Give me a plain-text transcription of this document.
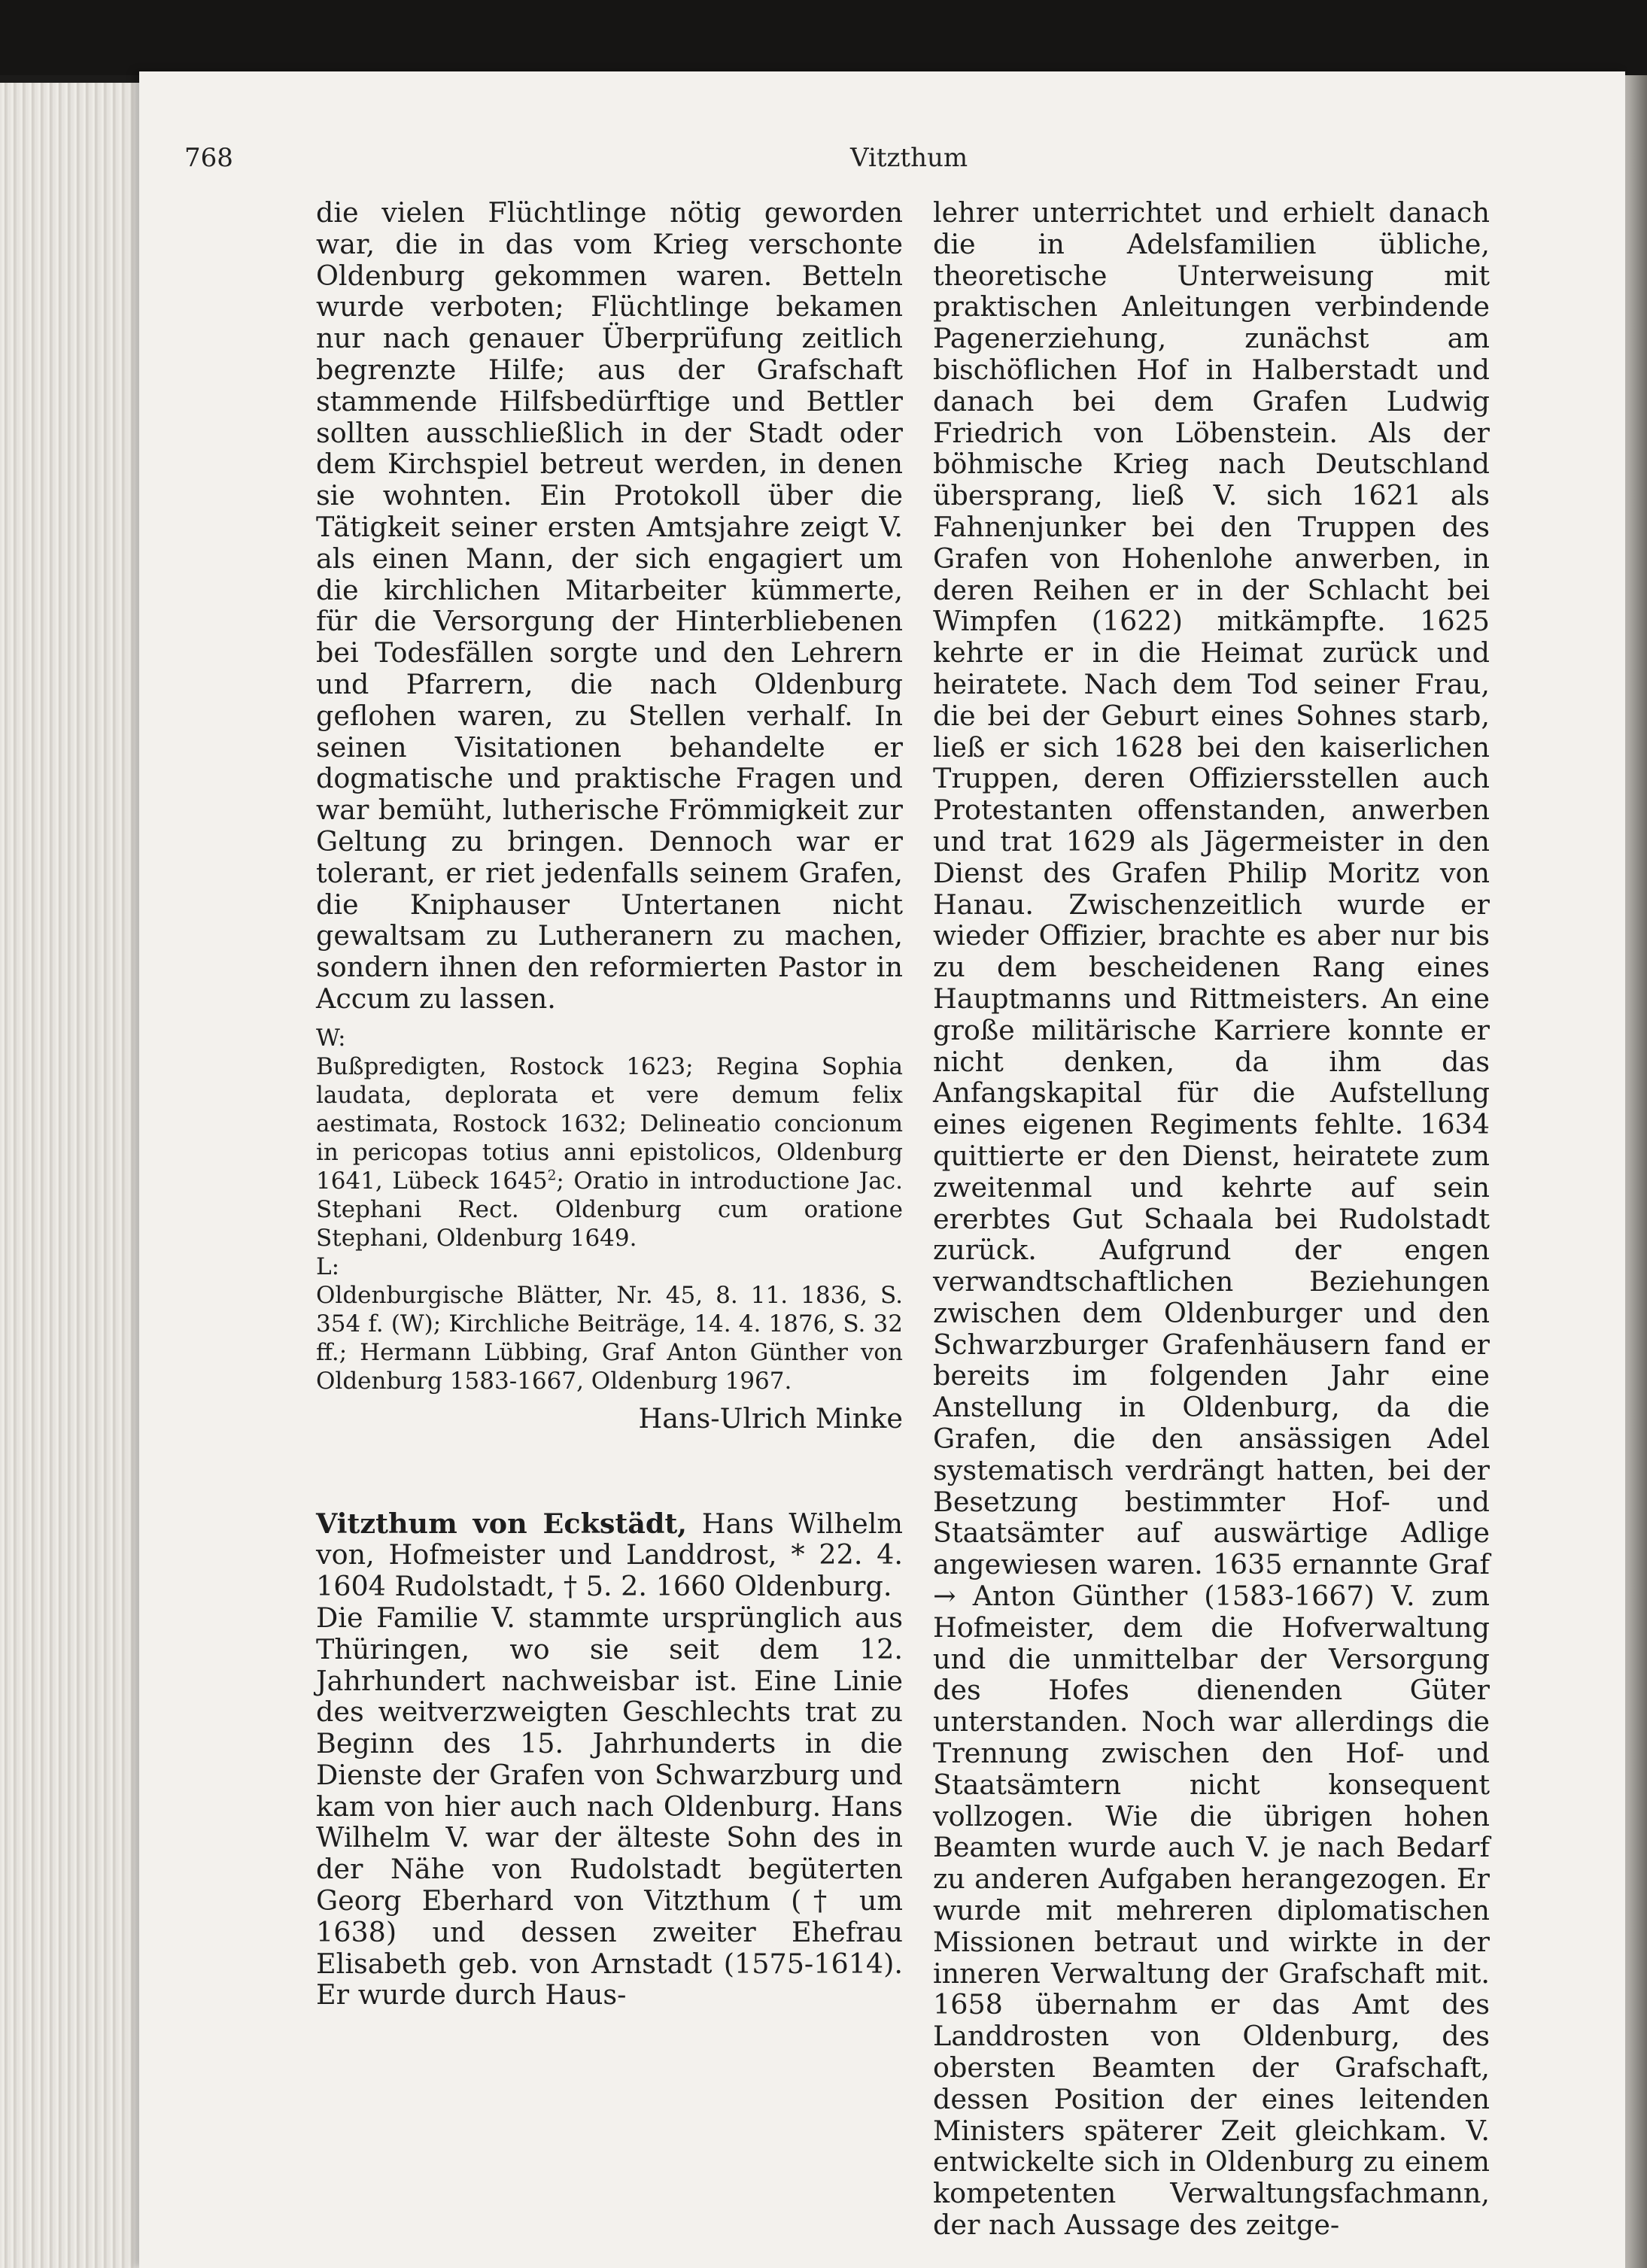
768	Vitzthum

die vielen Flüchtlinge nötig geworden war, die in das vom Krieg verschonte Oldenburg gekommen waren. Betteln wurde verboten; Flüchtlinge bekamen nur nach genauer Überprüfung zeitlich begrenzte Hilfe; aus der Grafschaft stammende Hilfsbedürftige und Bettler sollten ausschließlich in der Stadt oder dem Kirchspiel betreut werden, in denen sie wohnten. Ein Protokoll über die Tätigkeit seiner ersten Amtsjahre zeigt V. als einen Mann, der sich engagiert um die kirchlichen Mitarbeiter kümmerte, für die Versorgung der Hinterbliebenen bei Todesfällen sorgte und den Lehrern und Pfarrern, die nach Oldenburg geflohen waren, zu Stellen verhalf. In seinen Visitationen behandelte er dogmatische und praktische Fragen und war bemüht, lutherische Frömmigkeit zur Geltung zu bringen. Dennoch war er tolerant, er riet jedenfalls seinem Grafen, die Kniphauser Untertanen nicht gewaltsam zu Lutheranern zu machen, sondern ihnen den reformierten Pastor in Accum zu lassen.

W:

Bußpredigten, Rostock 1623; Regina Sophia laudata, deplorata et vere demum felix aestimata, Rostock 1632; Delineatio concionum in pericopas totius anni epistolicos, Oldenburg 1641, Lübeck 1645$^2$; Oratio in introductione Jac. Stephani Rect. Oldenburg cum oratione Stephani, Oldenburg 1649.

L:

Oldenburgische Blätter, Nr. 45, 8. 11. 1836, S. 354 f. (W); Kirchliche Beiträge, 14. 4. 1876, S. 32 ff.; Hermann Lübbing, Graf Anton Günther von Oldenburg 1583-1667, Oldenburg 1967.

Hans-Ulrich Minke

Vitzthum von Eckstädt, Hans Wilhelm von, Hofmeister und Landdrost, * 22. 4. 1604 Rudolstadt, † 5. 2. 1660 Oldenburg.

Die Familie V. stammte ursprünglich aus Thüringen, wo sie seit dem 12. Jahrhundert nachweisbar ist. Eine Linie des weitverzweigten Geschlechts trat zu Beginn des 15. Jahrhunderts in die Dienste der Grafen von Schwarzburg und kam von hier auch nach Oldenburg. Hans Wilhelm V. war der älteste Sohn des in der Nähe von Rudolstadt begüterten Georg Eberhard von Vitzthum († um 1638) und dessen zweiter Ehefrau Elisabeth geb. von Arnstadt (1575-1614). Er wurde durch Haus-

lehrer unterrichtet und erhielt danach die in Adelsfamilien übliche, theoretische Unterweisung mit praktischen Anleitungen verbindende Pagenerziehung, zunächst am bischöflichen Hof in Halberstadt und danach bei dem Grafen Ludwig Friedrich von Löbenstein. Als der böhmische Krieg nach Deutschland übersprang, ließ V. sich 1621 als Fahnenjunker bei den Truppen des Grafen von Hohenlohe anwerben, in deren Reihen er in der Schlacht bei Wimpfen (1622) mitkämpfte. 1625 kehrte er in die Heimat zurück und heiratete. Nach dem Tod seiner Frau, die bei der Geburt eines Sohnes starb, ließ er sich 1628 bei den kaiserlichen Truppen, deren Offiziersstellen auch Protestanten offenstanden, anwerben und trat 1629 als Jägermeister in den Dienst des Grafen Philip Moritz von Hanau. Zwischenzeitlich wurde er wieder Offizier, brachte es aber nur bis zu dem bescheidenen Rang eines Hauptmanns und Rittmeisters. An eine große militärische Karriere konnte er nicht denken, da ihm das Anfangskapital für die Aufstellung eines eigenen Regiments fehlte. 1634 quittierte er den Dienst, heiratete zum zweitenmal und kehrte auf sein ererbtes Gut Schaala bei Rudolstadt zurück. Aufgrund der engen verwandtschaftlichen Beziehungen zwischen dem Oldenburger und den Schwarzburger Grafenhäusern fand er bereits im folgenden Jahr eine Anstellung in Oldenburg, da die Grafen, die den ansässigen Adel systematisch verdrängt hatten, bei der Besetzung bestimmter Hof- und Staatsämter auf auswärtige Adlige angewiesen waren. 1635 ernannte Graf → Anton Günther (1583-1667) V. zum Hofmeister, dem die Hofverwaltung und die unmittelbar der Versorgung des Hofes dienenden Güter unterstanden. Noch war allerdings die Trennung zwischen den Hof- und Staatsämtern nicht konsequent vollzogen. Wie die übrigen hohen Beamten wurde auch V. je nach Bedarf zu anderen Aufgaben herangezogen. Er wurde mit mehreren diplomatischen Missionen betraut und wirkte in der inneren Verwaltung der Grafschaft mit. 1658 übernahm er das Amt des Landdrosten von Oldenburg, des obersten Beamten der Grafschaft, dessen Position der eines leitenden Ministers späterer Zeit gleichkam. V. entwickelte sich in Oldenburg zu einem kompetenten Verwaltungsfachmann, der nach Aussage des zeitge-
